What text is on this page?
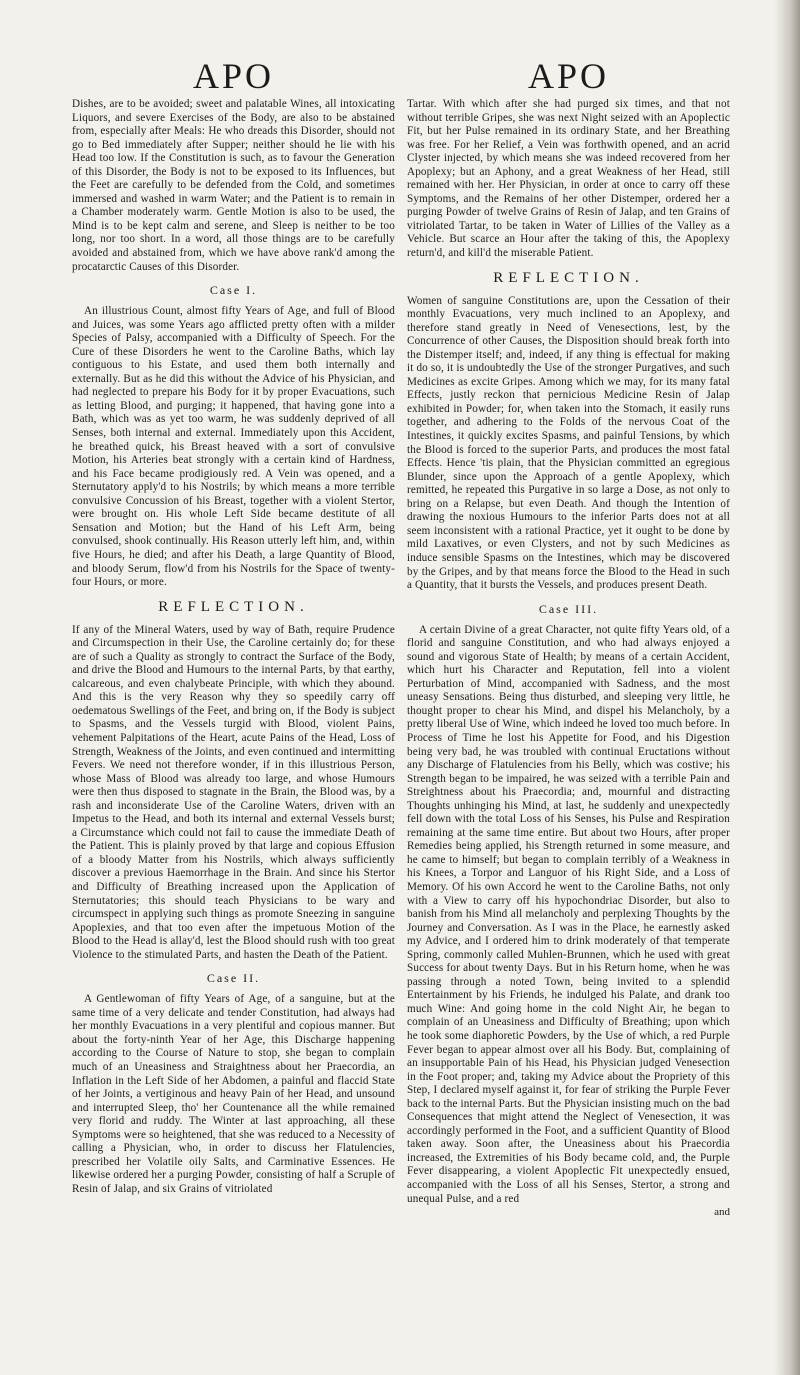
APO	APO

Dishes, are to be avoided; sweet and palatable Wines, all intoxicating Liquors, and severe Exercises of the Body, are also to be abstained from, especially after Meals: He who dreads this Disorder, should not go to Bed immediately after Supper; neither should he lie with his Head too low. If the Constitution is such, as to favour the Generation of this Disorder, the Body is not to be exposed to its Influences, but the Feet are carefully to be defended from the Cold, and sometimes immersed and washed in warm Water; and the Patient is to remain in a Chamber moderately warm. Gentle Motion is also to be used, the Mind is to be kept calm and serene, and Sleep is neither to be too long, nor too short. In a word, all those things are to be carefully avoided and abstained from, which we have above rank'd among the procatarctic Causes of this Disorder.

Case I.

An illustrious Count, almost fifty Years of Age, and full of Blood and Juices, was some Years ago afflicted pretty often with a milder Species of Palsy, accompanied with a Difficulty of Speech. For the Cure of these Disorders he went to the Caroline Baths, which lay contiguous to his Estate, and used them both internally and externally. But as he did this without the Advice of his Physician, and had neglected to prepare his Body for it by proper Evacuations, such as letting Blood, and purging; it happened, that having gone into a Bath, which was as yet too warm, he was suddenly deprived of all Senses, both internal and external. Immediately upon this Accident, he breathed quick, his Breast heaved with a sort of convulsive Motion, his Arteries beat strongly with a certain kind of Hardness, and his Face became prodigiously red. A Vein was opened, and a Sternutatory apply'd to his Nostrils; by which means a more terrible convulsive Concussion of his Breast, together with a violent Stertor, were brought on. His whole Left Side became destitute of all Sensation and Motion; but the Hand of his Left Arm, being convulsed, shook continually. His Reason utterly left him, and, within five Hours, he died; and after his Death, a large Quantity of Blood, and bloody Serum, flow'd from his Nostrils for the Space of twenty-four Hours, or more.

REFLECTION.

If any of the Mineral Waters, used by way of Bath, require Prudence and Circumspection in their Use, the Caroline certainly do; for these are of such a Quality as strongly to contract the Surface of the Body, and drive the Blood and Humours to the internal Parts, by that earthy, calcareous, and even chalybeate Principle, with which they abound. And this is the very Reason why they so speedily carry off oedematous Swellings of the Feet, and bring on, if the Body is subject to Spasms, and the Vessels turgid with Blood, violent Pains, vehement Palpitations of the Heart, acute Pains of the Head, Loss of Strength, Weakness of the Joints, and even continued and intermitting Fevers. We need not therefore wonder, if in this illustrious Person, whose Mass of Blood was already too large, and whose Humours were then thus disposed to stagnate in the Brain, the Blood was, by a rash and inconsiderate Use of the Caroline Waters, driven with an Impetus to the Head, and both its internal and external Vessels burst; a Circumstance which could not fail to cause the immediate Death of the Patient. This is plainly proved by that large and copious Effusion of a bloody Matter from his Nostrils, which always sufficiently discover a previous Haemorrhage in the Brain. And since his Stertor and Difficulty of Breathing increased upon the Application of Sternutatories; this should teach Physicians to be wary and circumspect in applying such things as promote Sneezing in sanguine Apoplexies, and that too even after the impetuous Motion of the Blood to the Head is allay'd, lest the Blood should rush with too great Violence to the stimulated Parts, and hasten the Death of the Patient.

Case II.

A Gentlewoman of fifty Years of Age, of a sanguine, but at the same time of a very delicate and tender Constitution, had always had her monthly Evacuations in a very plentiful and copious manner. But about the forty-ninth Year of her Age, this Discharge happening according to the Course of Nature to stop, she began to complain much of an Uneasiness and Straightness about her Praecordia, an Inflation in the Left Side of her Abdomen, a painful and flaccid State of her Joints, a vertiginous and heavy Pain of her Head, and unsound and interrupted Sleep, tho' her Countenance all the while remained very florid and ruddy. The Winter at last approaching, all these Symptoms were so heightened, that she was reduced to a Necessity of calling a Physician, who, in order to discuss her Flatulencies, prescribed her Volatile oily Salts, and Carminative Essences. He likewise ordered her a purging Powder, consisting of half a Scruple of Resin of Jalap, and six Grains of vitriolated

Tartar. With which after she had purged six times, and that not without terrible Gripes, she was next Night seized with an Apoplectic Fit, but her Pulse remained in its ordinary State, and her Breathing was free. For her Relief, a Vein was forthwith opened, and an acrid Clyster injected, by which means she was indeed recovered from her Apoplexy; but an Aphony, and a great Weakness of her Head, still remained with her. Her Physician, in order at once to carry off these Symptoms, and the Remains of her other Distemper, ordered her a purging Powder of twelve Grains of Resin of Jalap, and ten Grains of vitriolated Tartar, to be taken in Water of Lillies of the Valley as a Vehicle. But scarce an Hour after the taking of this, the Apoplexy return'd, and kill'd the miserable Patient.

REFLECTION.

Women of sanguine Constitutions are, upon the Cessation of their monthly Evacuations, very much inclined to an Apoplexy, and therefore stand greatly in Need of Venesections, lest, by the Concurrence of other Causes, the Disposition should break forth into the Distemper itself; and, indeed, if any thing is effectual for making it do so, it is undoubtedly the Use of the stronger Purgatives, and such Medicines as excite Gripes. Among which we may, for its many fatal Effects, justly reckon that pernicious Medicine Resin of Jalap exhibited in Powder; for, when taken into the Stomach, it easily runs together, and adhering to the Folds of the nervous Coat of the Intestines, it quickly excites Spasms, and painful Tensions, by which the Blood is forced to the superior Parts, and produces the most fatal Effects. Hence 'tis plain, that the Physician committed an egregious Blunder, since upon the Approach of a gentle Apoplexy, which remitted, he repeated this Purgative in so large a Dose, as not only to bring on a Relapse, but even Death. And though the Intention of drawing the noxious Humours to the inferior Parts does not at all seem inconsistent with a rational Practice, yet it ought to be done by mild Laxatives, or even Clysters, and not by such Medicines as induce sensible Spasms on the Intestines, which may be discovered by the Gripes, and by that means force the Blood to the Head in such a Quantity, that it bursts the Vessels, and produces present Death.

Case III.

A certain Divine of a great Character, not quite fifty Years old, of a florid and sanguine Constitution, and who had always enjoyed a sound and vigorous State of Health; by means of a certain Accident, which hurt his Character and Reputation, fell into a violent Perturbation of Mind, accompanied with Sadness, and the most uneasy Sensations. Being thus disturbed, and sleeping very little, he thought proper to chear his Mind, and dispel his Melancholy, by a pretty liberal Use of Wine, which indeed he loved too much before. In Process of Time he lost his Appetite for Food, and his Digestion being very bad, he was troubled with continual Eructations without any Discharge of Flatulencies from his Belly, which was costive; his Strength began to be impaired, he was seized with a terrible Pain and Streightness about his Praecordia; and, mournful and distracting Thoughts unhinging his Mind, at last, he suddenly and unexpectedly fell down with the total Loss of his Senses, his Pulse and Respiration remaining at the same time entire. But about two Hours, after proper Remedies being applied, his Strength returned in some measure, and he came to himself; but began to complain terribly of a Weakness in his Knees, a Torpor and Languor of his Right Side, and a Loss of Memory. Of his own Accord he went to the Caroline Baths, not only with a View to carry off his hypochondriac Disorder, but also to banish from his Mind all melancholy and perplexing Thoughts by the Journey and Conversation. As I was in the Place, he earnestly asked my Advice, and I ordered him to drink moderately of that temperate Spring, commonly called Muhlen-Brunnen, which he used with great Success for about twenty Days. But in his Return home, when he was passing through a noted Town, being invited to a splendid Entertainment by his Friends, he indulged his Palate, and drank too much Wine: And going home in the cold Night Air, he began to complain of an Uneasiness and Difficulty of Breathing; upon which he took some diaphoretic Powders, by the Use of which, a red Purple Fever began to appear almost over all his Body. But, complaining of an insupportable Pain of his Head, his Physician judged Venesection in the Foot proper; and, taking my Advice about the Propriety of this Step, I declared myself against it, for fear of striking the Purple Fever back to the internal Parts. But the Physician insisting much on the bad Consequences that might attend the Neglect of Venesection, it was accordingly performed in the Foot, and a sufficient Quantity of Blood taken away. Soon after, the Uneasiness about his Praecordia increased, the Extremities of his Body became cold, and, the Purple Fever disappearing, a violent Apoplectic Fit unexpectedly ensued, accompanied with the Loss of all his Senses, Stertor, a strong and unequal Pulse, and a red

and
